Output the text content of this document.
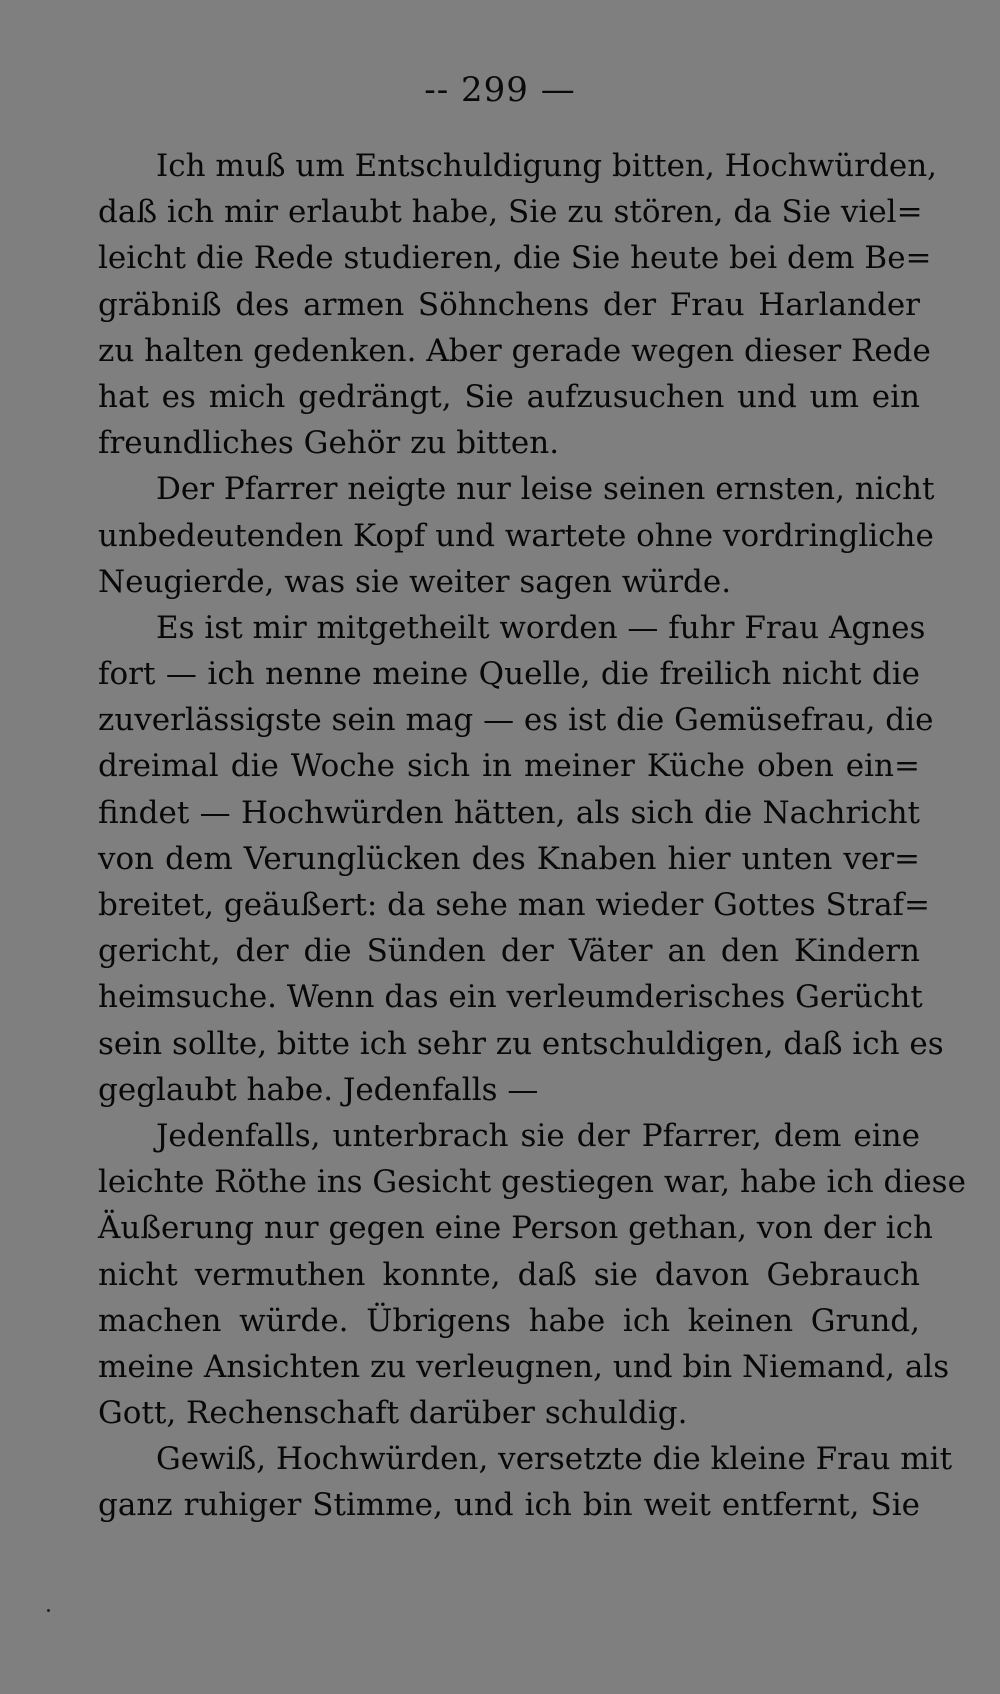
-- 299 —
Ich muß um Entschuldigung bitten, Hochwürden,
daß ich mir erlaubt habe, Sie zu stören, da Sie viel=
leicht die Rede studieren, die Sie heute bei dem Be=
gräbniß des armen Söhnchens der Frau Harlander
zu halten gedenken. Aber gerade wegen dieser Rede
hat es mich gedrängt, Sie aufzusuchen und um ein
freundliches Gehör zu bitten.
Der Pfarrer neigte nur leise seinen ernsten, nicht
unbedeutenden Kopf und wartete ohne vordringliche
Neugierde, was sie weiter sagen würde.
Es ist mir mitgetheilt worden — fuhr Frau Agnes
fort — ich nenne meine Quelle, die freilich nicht die
zuverlässigste sein mag — es ist die Gemüsefrau, die
dreimal die Woche sich in meiner Küche oben ein=
findet — Hochwürden hätten, als sich die Nachricht
von dem Verunglücken des Knaben hier unten ver=
breitet, geäußert: da sehe man wieder Gottes Straf=
gericht, der die Sünden der Väter an den Kindern
heimsuche. Wenn das ein verleumderisches Gerücht
sein sollte, bitte ich sehr zu entschuldigen, daß ich es
geglaubt habe. Jedenfalls —
Jedenfalls, unterbrach sie der Pfarrer, dem eine
leichte Röthe ins Gesicht gestiegen war, habe ich diese
Äußerung nur gegen eine Person gethan, von der ich
nicht vermuthen konnte, daß sie davon Gebrauch
machen würde. Übrigens habe ich keinen Grund,
meine Ansichten zu verleugnen, und bin Niemand, als
Gott, Rechenschaft darüber schuldig.
Gewiß, Hochwürden, versetzte die kleine Frau mit
ganz ruhiger Stimme, und ich bin weit entfernt, Sie
